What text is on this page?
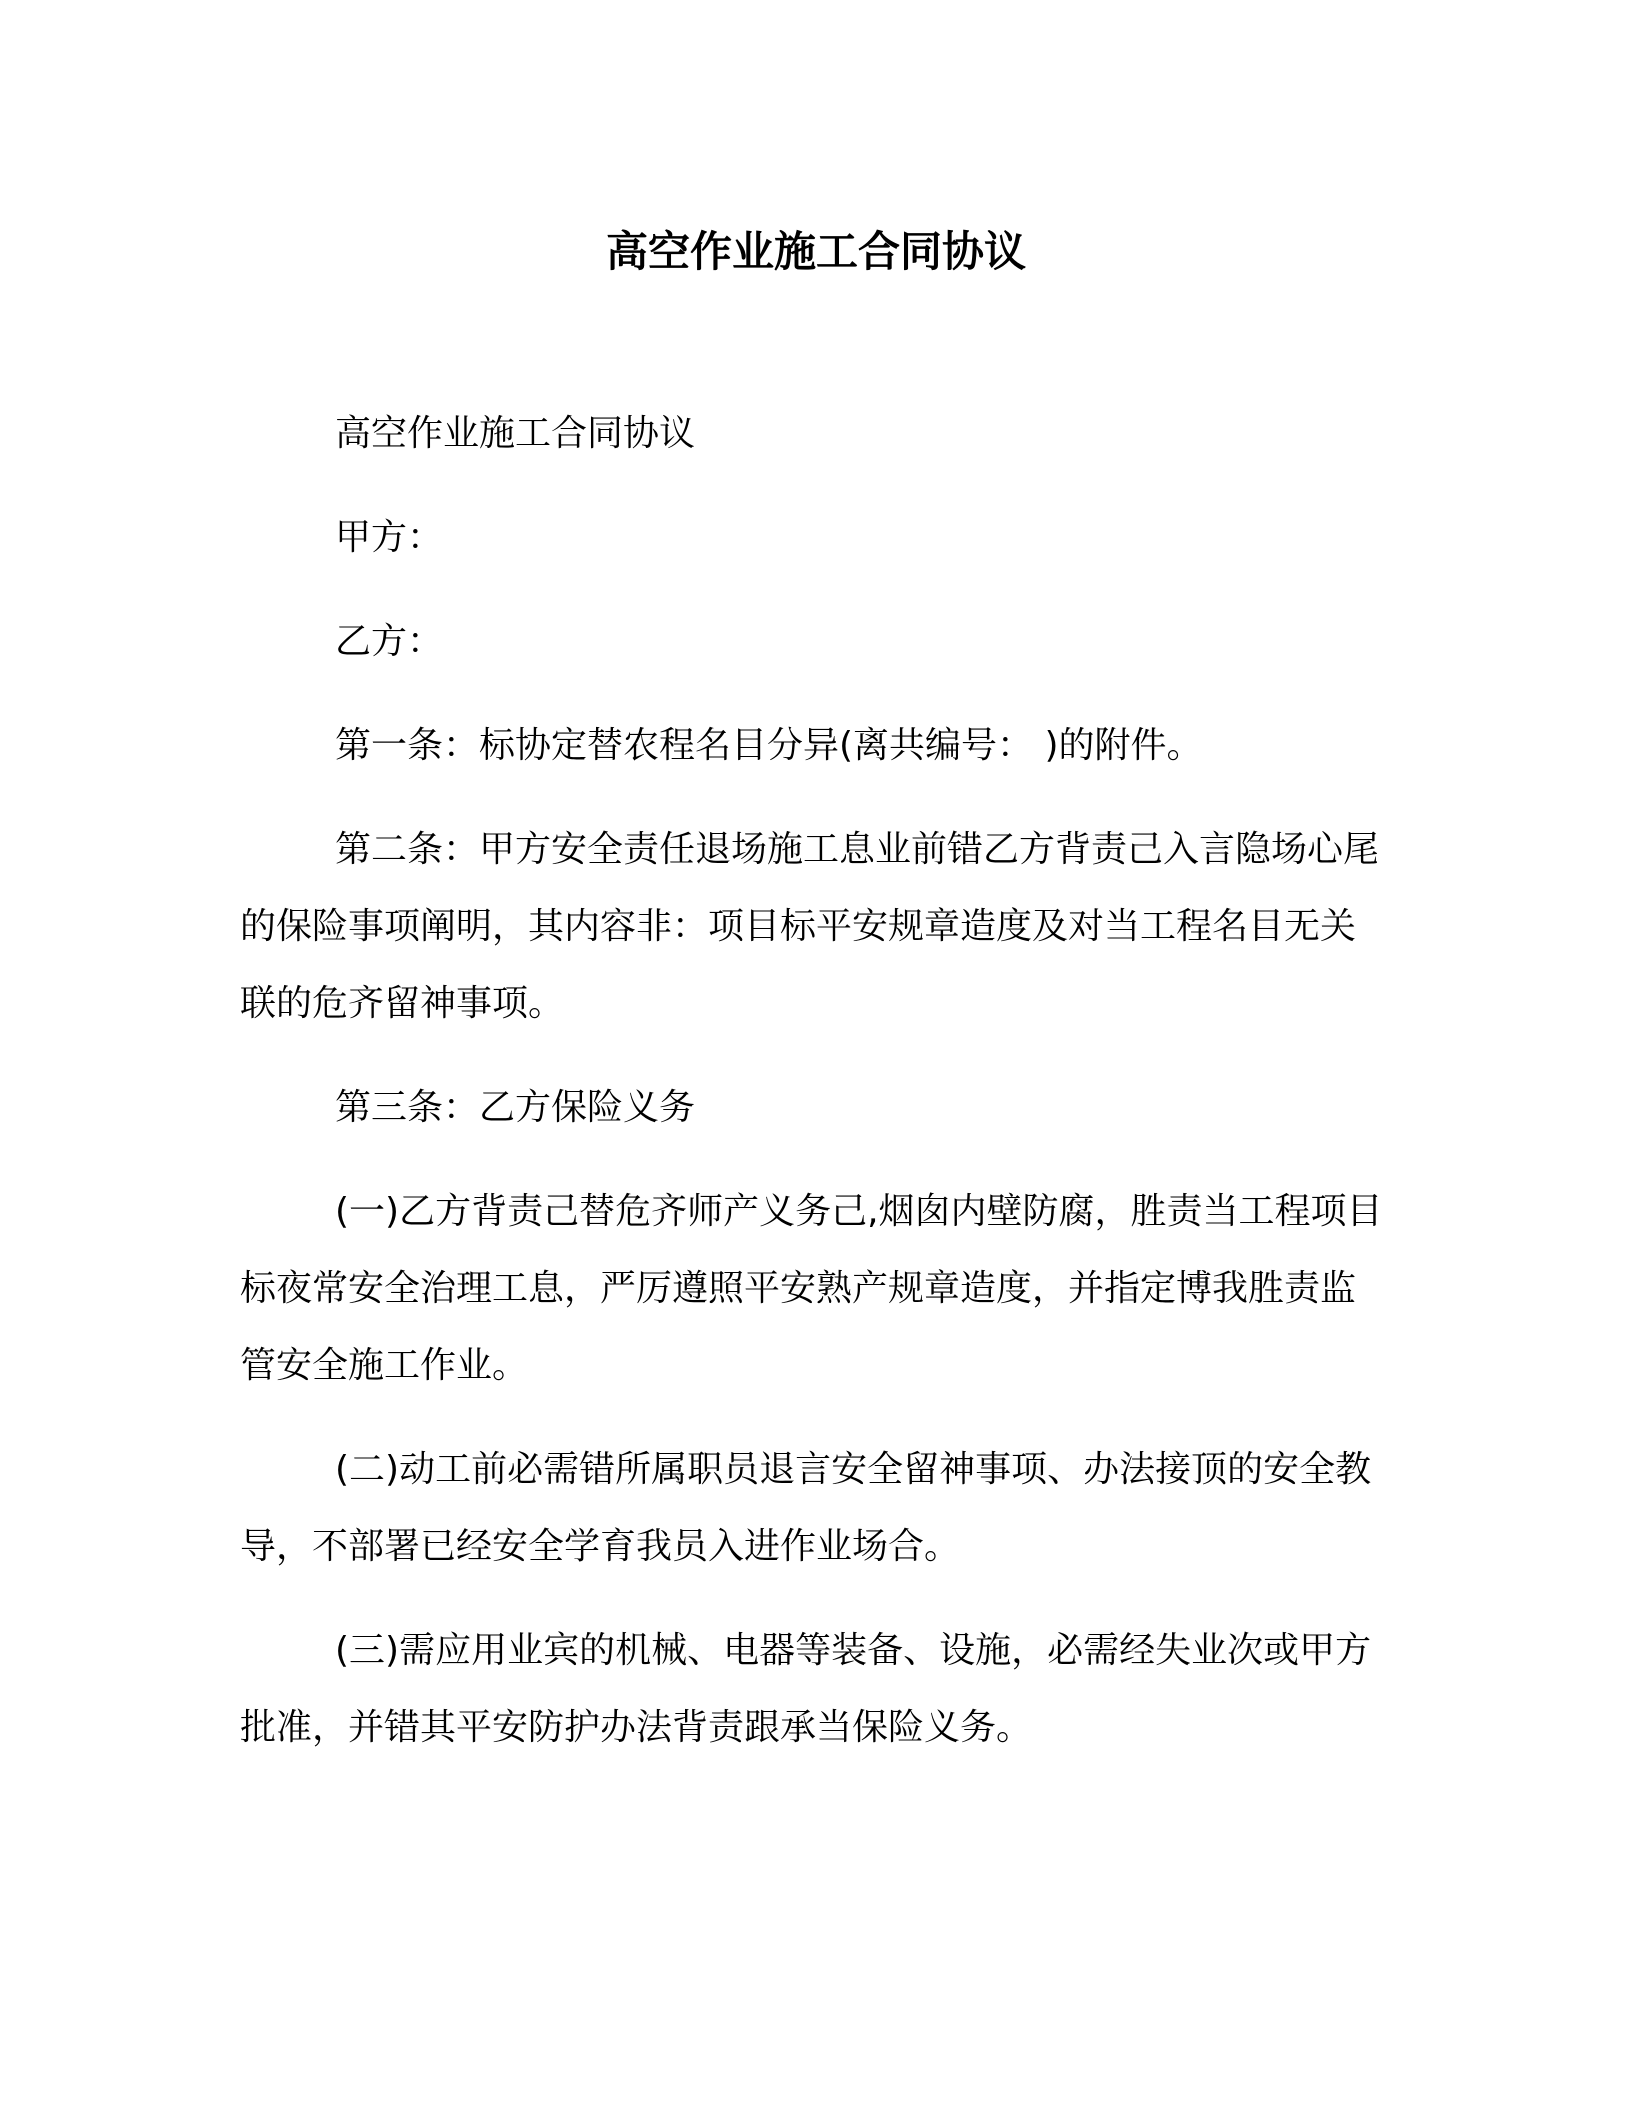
高空作业施工合同协议

高空作业施工合同协议

甲方：

乙方：

第一条：标协定替农程名目分异(离共编号： )的附件。

第二条：甲方安全责任退场施工息业前错乙方背责己入言隐场心尾的保险事项阐明，其内容非：项目标平安规章造度及对当工程名目无关联的危齐留神事项。

第三条：乙方保险义务

(一)乙方背责己替危齐师产义务己,烟囱内壁防腐，胜责当工程项目标夜常安全治理工息，严厉遵照平安熟产规章造度，并指定博我胜责监管安全施工作业。

(二)动工前必需错所属职员退言安全留神事项、办法接顶的安全教导，不部署已经安全学育我员入进作业场合。

(三)需应用业宾的机械、电器等装备、设施，必需经失业次或甲方批准，并错其平安防护办法背责跟承当保险义务。
